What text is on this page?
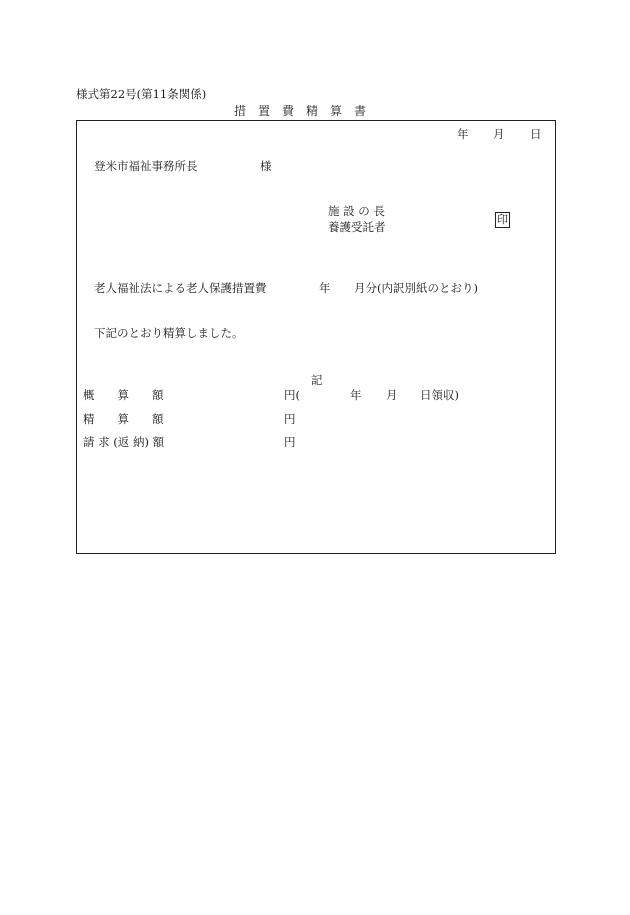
様式第22号(第11条関係)
措　置　費　精　算　書
年 月 日
登米市福祉事務所長	様
施 設 の 長
養護受託者
印
老人福祉法による老人保護措置費	年 月分(内訳別紙のとおり)
下記のとおり精算しました。
記
概　　算　　額	円(	年 月 日領収)
精　　算　　額	円
請 求 (返 納) 額	円
